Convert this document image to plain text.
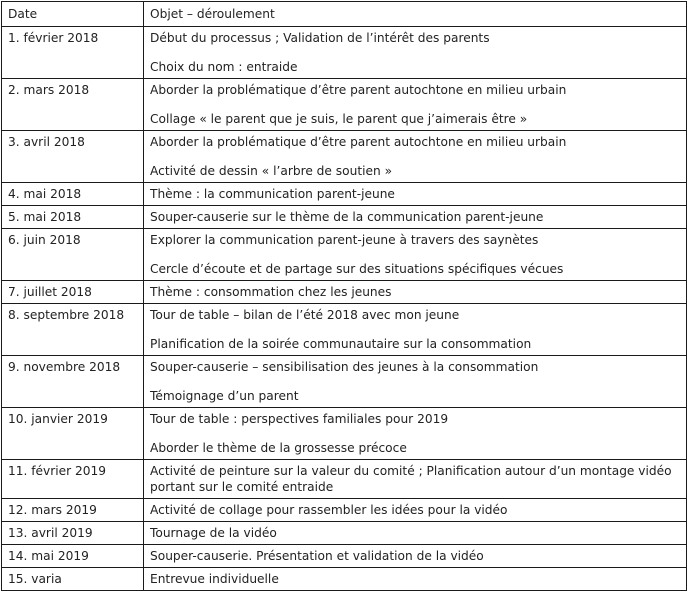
Date	Objet – déroulement
1. février 2018	Début du processus ; Validation de l’intérêt des parents
Choix du nom : entraide

2. mars 2018	Aborder la problématique d’être parent autochtone en milieu urbain
Collage « le parent que je suis, le parent que j’aimerais être »

3. avril 2018	Aborder la problématique d’être parent autochtone en milieu urbain
Activité de dessin « l’arbre de soutien »

4. mai 2018	Thème : la communication parent-jeune

5. mai 2018	Souper-causerie sur le thème de la communication parent-jeune

6. juin 2018	Explorer la communication parent-jeune à travers des saynètes
Cercle d’écoute et de partage sur des situations spécifiques vécues

7. juillet 2018	Thème : consommation chez les jeunes

8. septembre 2018	Tour de table – bilan de l’été 2018 avec mon jeune
Planification de la soirée communautaire sur la consommation

9. novembre 2018	Souper-causerie – sensibilisation des jeunes à la consommation
Témoignage d’un parent

10. janvier 2019	Tour de table : perspectives familiales pour 2019
Aborder le thème de la grossesse précoce

11. février 2019	Activité de peinture sur la valeur du comité ; Planification autour d’un montage vidéo portant sur le comité entraide

12. mars 2019	Activité de collage pour rassembler les idées pour la vidéo

13. avril 2019	Tournage de la vidéo

14. mai 2019	Souper-causerie. Présentation et validation de la vidéo

15. varia	Entrevue individuelle
